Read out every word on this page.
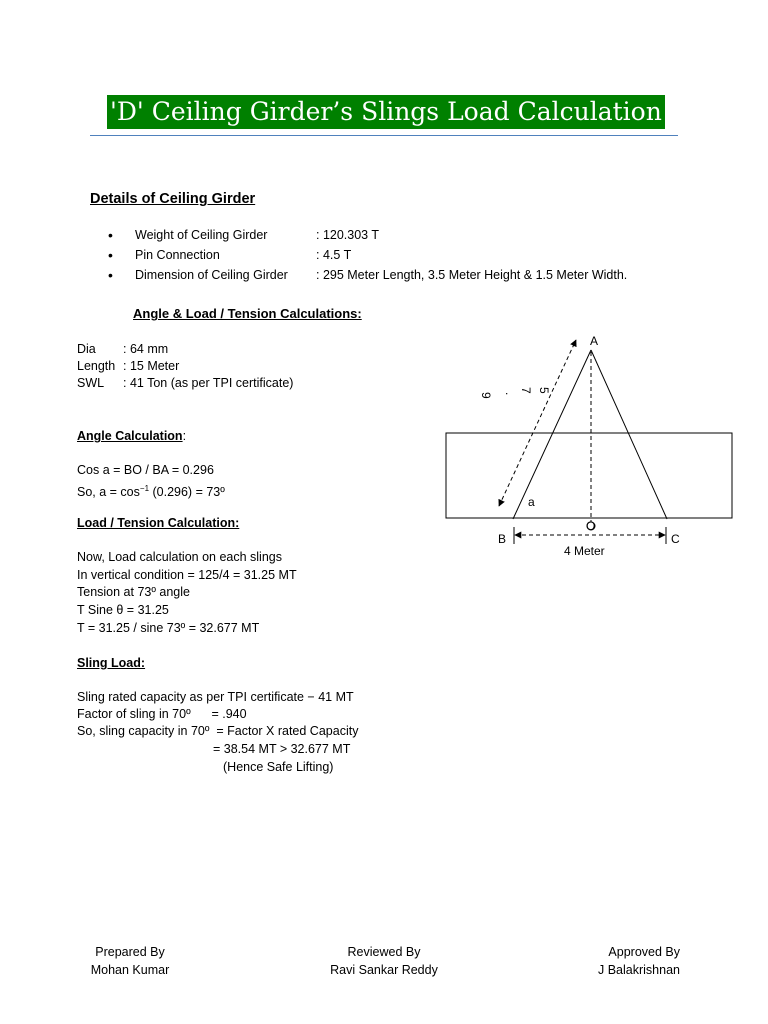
'D' Ceiling Girder’s Slings Load Calculation
Details of Ceiling Girder
• Weight of Ceiling Girder	: 120.303 T
• Pin Connection	: 4.5 T
• Dimension of Ceiling Girder : 295 Meter Length, 3.5 Meter Height & 1.5 Meter Width.
Angle & Load / Tension Calculations:
Dia : 64 mm
Length : 15 Meter
SWL : 41 Ton (as per TPI certificate)
Angle Calculation:
Cos a = BO / BA = 0.296
So, $a = \cos^{-1} (0.296)$ = 73º
Load / Tension Calculation:
Now, Load calculation on each slings
In vertical condition = 125/4 = 31.25 MT
Tension at 73º angle
T Sine θ = 31.25
T = 31.25 / sine 73º = 32.677 MT
Sling Load:
Sling rated capacity as per TPI certificate − 41 MT
Factor of sling in 70º      = .940
So, sling capacity in 70º  = Factor X rated Capacity
= 38.54 MT > 32.677 MT
(Hence Safe Lifting)
A
B	C
O
a
4 Meter
9 . 7 5
Prepared By
Mohan Kumar
Reviewed By
Ravi Sankar Reddy
Approved By
J Balakrishnan
